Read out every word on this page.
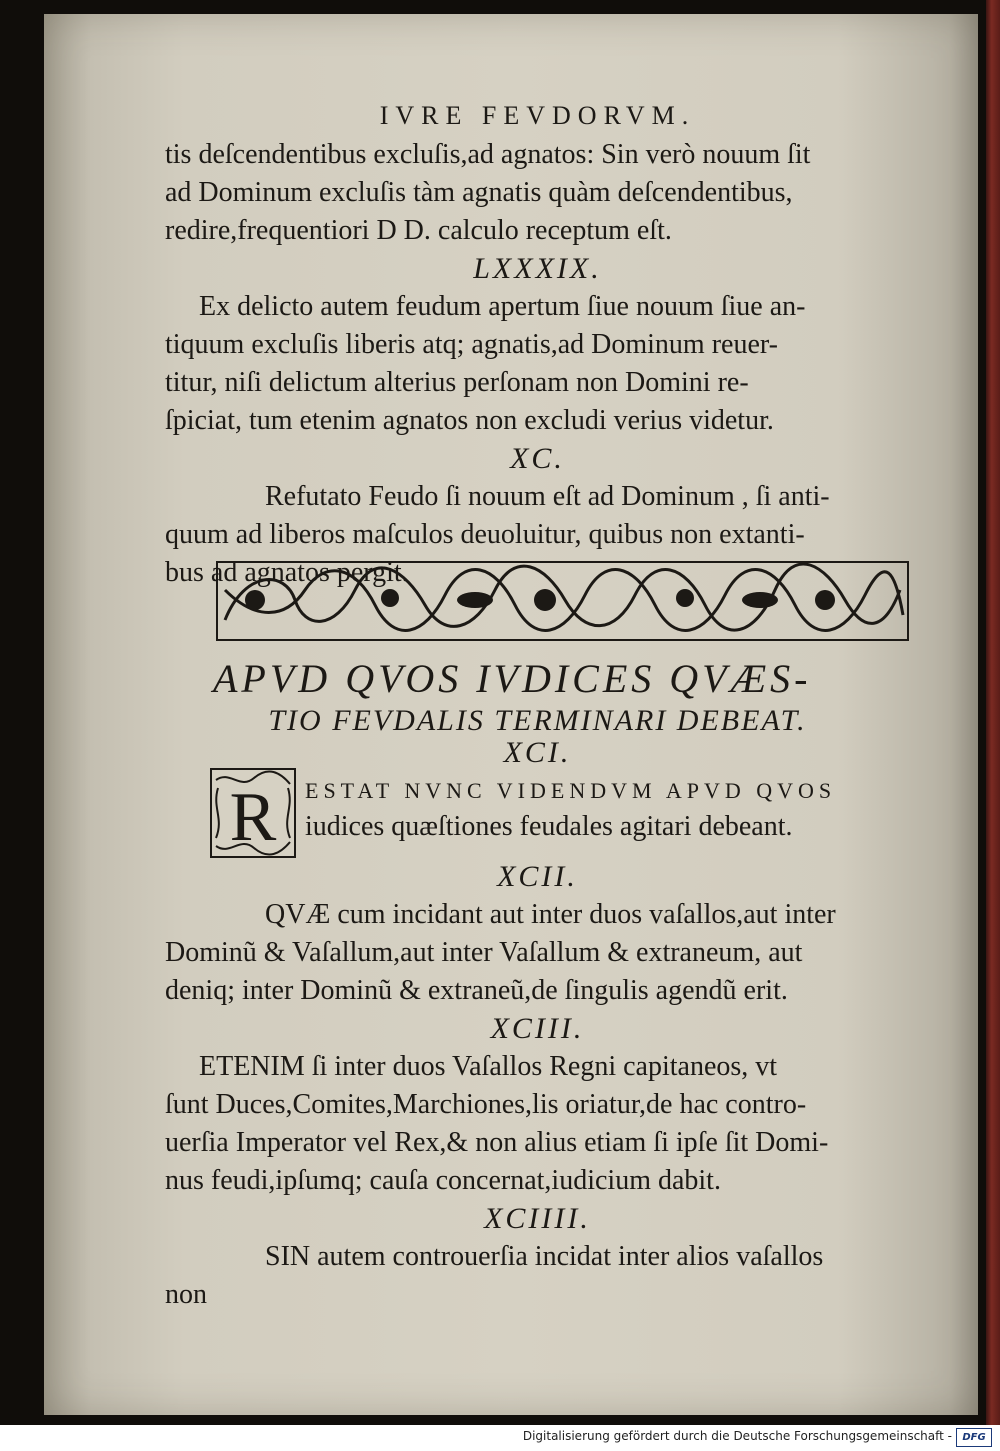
IVRE FEVDORVM.

tis deſcendentibus excluſis,ad agnatos: Sin verò nouum ſit

ad Dominum excluſis tàm agnatis quàm deſcendentibus,

redire,frequentiori D D. calculo receptum eſt.

LXXXIX.

Ex delicto autem feudum apertum ſiue nouum ſiue an-

tiquum excluſis liberis atq; agnatis,ad Dominum reuer-

titur, niſi delictum alterius perſonam non Domini re-

ſpiciat, tum etenim agnatos non excludi verius videtur.

XC.

Refutato Feudo ſi nouum eſt ad Dominum , ſi anti-

quum ad liberos maſculos deuoluitur, quibus non extanti-

bus ad agnatos pergit.

APVD QVOS IVDICES QVÆS-
TIO FEVDALIS TERMINARI DEBEAT.
XCI.
R ESTAT NVNC VIDENDVM APVD QVOS
iudices quæſtiones feudales agitari debeant.
XCII.

QVÆ cum incidant aut inter duos vaſallos,aut inter

Dominũ & Vaſallum,aut inter Vaſallum & extraneum, aut

deniq; inter Dominũ & extraneũ,de ſingulis agendũ erit.

XCIII.

ETENIM ſi inter duos Vaſallos Regni capitaneos, vt

ſunt Duces,Comites,Marchiones,lis oriatur,de hac contro-

uerſia Imperator vel Rex,& non alius etiam ſi ipſe ſit Domi-

nus feudi,ipſumq; cauſa concernat,iudicium dabit.

XCIIII.

SIN autem controuerſia incidat inter alios vaſallos

non

Digitalisierung gefördert durch die Deutsche Forschungsgemeinschaft -	DFG
